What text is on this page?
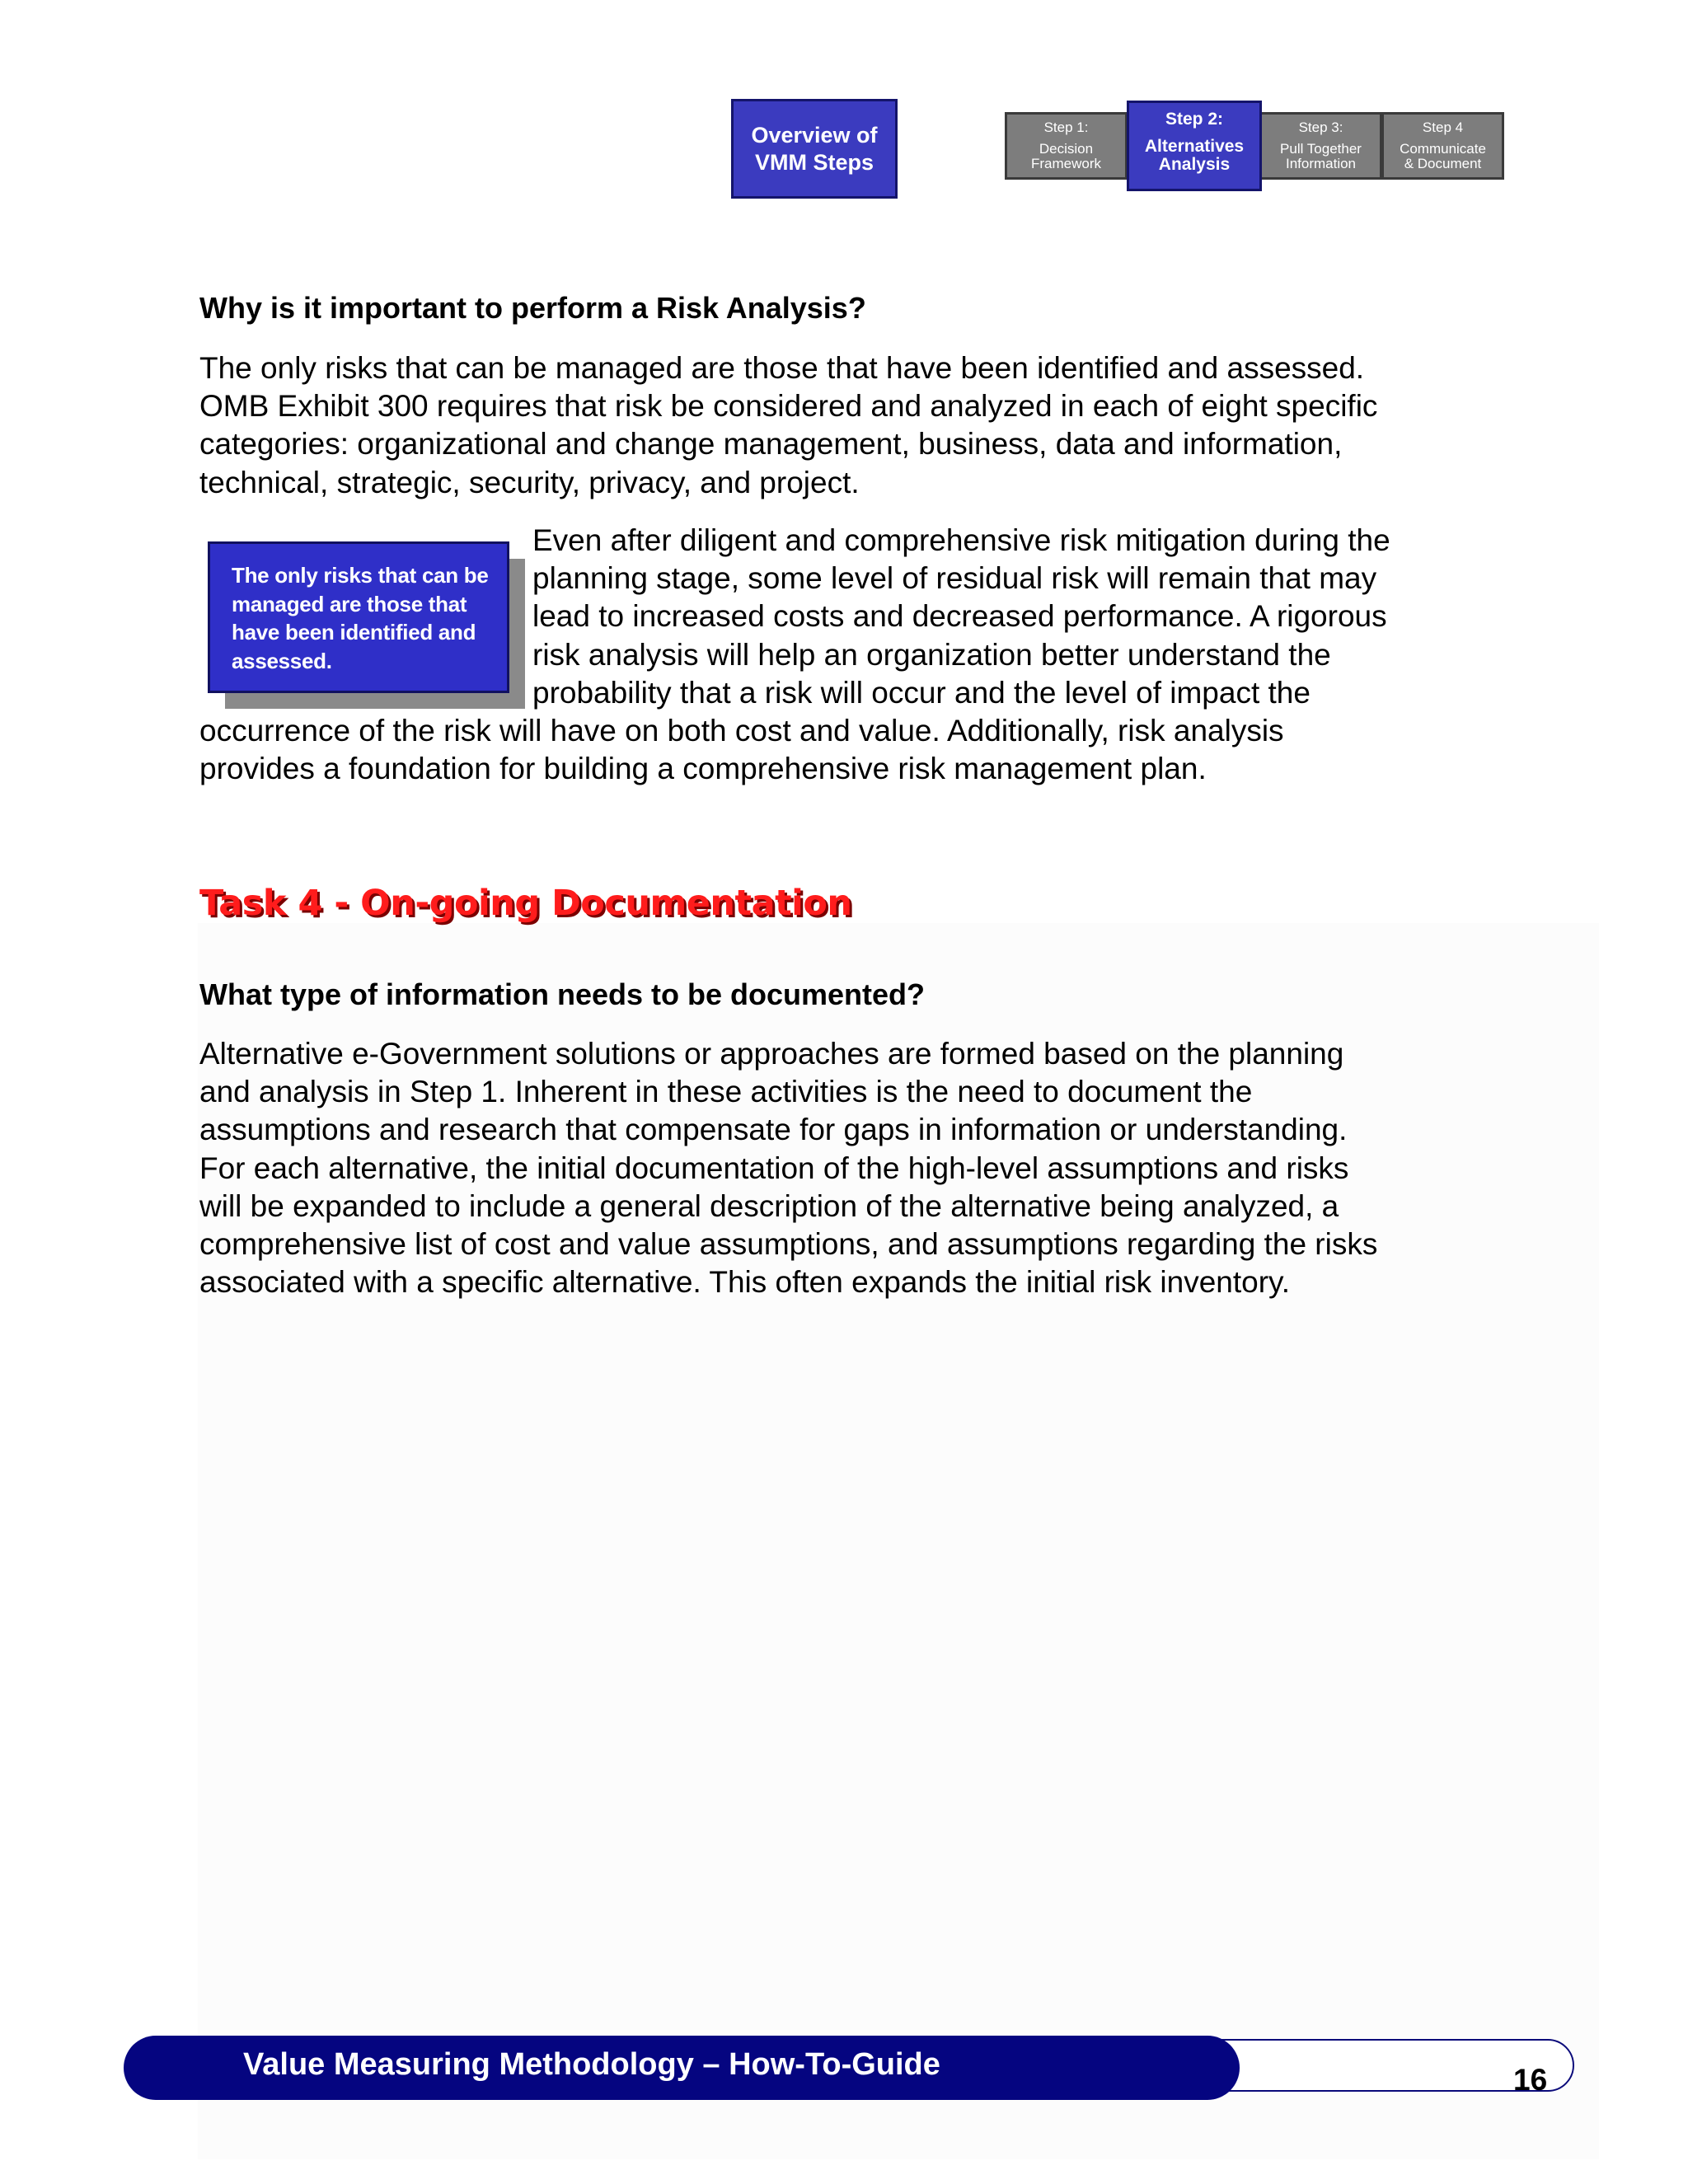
Overview of
VMM Steps
Step 1:
Decision
Framework
Step 2:
Alternatives
Analysis
Step 3:
Pull Together
Information
Step 4
Communicate
& Document
Why is it important to perform a Risk Analysis?

The only risks that can be managed are those that have been identified and assessed.
OMB Exhibit 300 requires that risk be considered and analyzed in each of eight specific
categories: organizational and change management, business, data and information,
technical, strategic, security, privacy, and project.

The only risks that can be
managed are those that
have been identified and
assessed.

Even after diligent and comprehensive risk mitigation during the
planning stage, some level of residual risk will remain that may
lead to increased costs and decreased performance. A rigorous
risk analysis will help an organization better understand the
probability that a risk will occur and the level of impact the

occurrence of the risk will have on both cost and value. Additionally, risk analysis
provides a foundation for building a comprehensive risk management plan.

Task 4 - On-going Documentation
What type of information needs to be documented?

Alternative e-Government solutions or approaches are formed based on the planning
and analysis in Step 1. Inherent in these activities is the need to document the
assumptions and research that compensate for gaps in information or understanding.
For each alternative, the initial documentation of the high-level assumptions and risks
will be expanded to include a general description of the alternative being analyzed, a
comprehensive list of cost and value assumptions, and assumptions regarding the risks
associated with a specific alternative. This often expands the initial risk inventory.

Value Measuring Methodology – How-To-Guide	16
